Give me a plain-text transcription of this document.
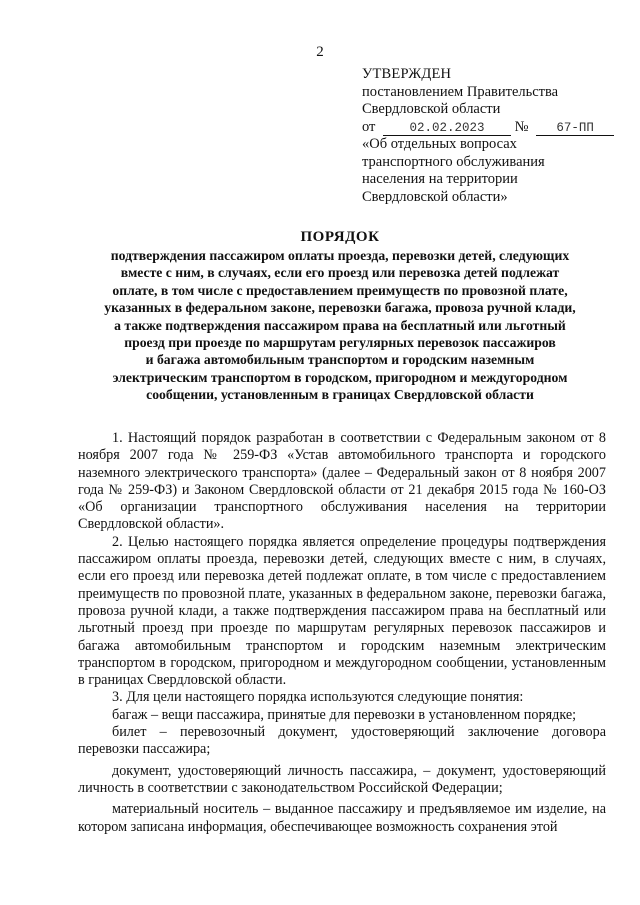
2
УТВЕРЖДЕН
постановлением Правительства
Свердловской области
от	02.02.2023 № 67-ПП
«Об отдельных вопросах
транспортного обслуживания
населения на территории
Свердловской области»
ПОРЯДОК
подтверждения пассажиром оплаты проезда, перевозки детей, следующих
вместе с ним, в случаях, если его проезд или перевозка детей подлежат
оплате, в том числе с предоставлением преимуществ по провозной плате,
указанных в федеральном законе, перевозки багажа, провоза ручной клади,
а также подтверждения пассажиром права на бесплатный или льготный
проезд при проезде по маршрутам регулярных перевозок пассажиров
и багажа автомобильным транспортом и городским наземным
электрическим транспортом в городском, пригородном и междугородном
сообщении, установленным в границах Свердловской области

1. Настоящий порядок разработан в соответствии с Федеральным законом от 8 ноября 2007 года № 259-ФЗ «Устав автомобильного транспорта и городского наземного электрического транспорта» (далее – Федеральный закон от 8 ноября 2007 года № 259-ФЗ) и Законом Свердловской области от 21 декабря 2015 года № 160-ОЗ «Об организации транспортного обслуживания населения на территории Свердловской области».

2. Целью настоящего порядка является определение процедуры подтверждения пассажиром оплаты проезда, перевозки детей, следующих вместе с ним, в случаях, если его проезд или перевозка детей подлежат оплате, в том числе с предоставлением преимуществ по провозной плате, указанных в федеральном законе, перевозки багажа, провоза ручной клади, а также подтверждения пассажиром права на бесплатный или льготный проезд при проезде по маршрутам регулярных перевозок пассажиров и багажа автомобильным транспортом и городским наземным электрическим транспортом в городском, пригородном и междугородном сообщении, установленным в границах Свердловской области.

3. Для цели настоящего порядка используются следующие понятия:

багаж – вещи пассажира, принятые для перевозки в установленном порядке;

билет – перевозочный документ, удостоверяющий заключение договора перевозки пассажира;

документ, удостоверяющий личность пассажира, – документ, удостоверяющий личность в соответствии с законодательством Российской Федерации;

материальный носитель – выданное пассажиру и предъявляемое им изделие, на котором записана информация, обеспечивающее возможность сохранения этой
